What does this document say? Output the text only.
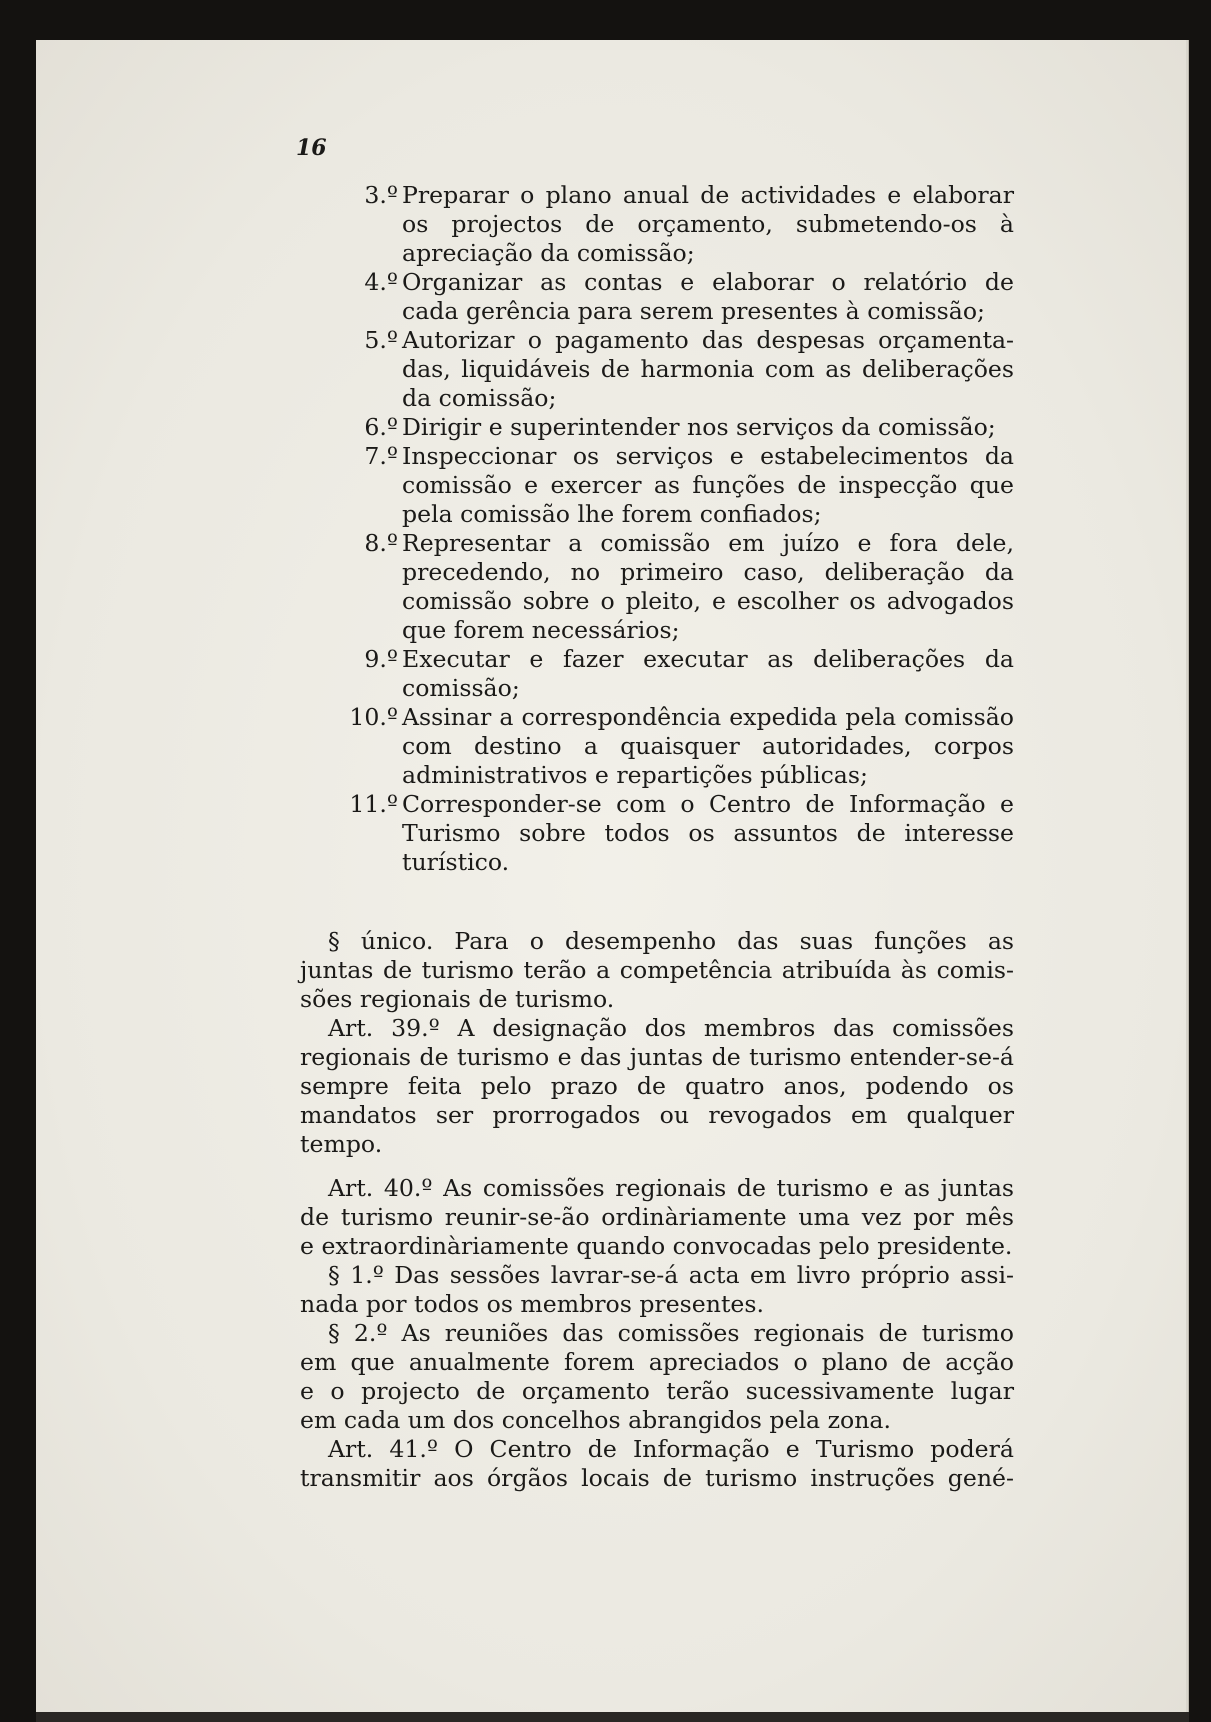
16
3.º Preparar o plano anual de actividades e elaborar
os projectos de orçamento, submetendo-os à
apreciação da comissão;
4.º Organizar as contas e elaborar o relatório de
cada gerência para serem presentes à comissão;
5.º Autorizar o pagamento das despesas orçamenta-
das, liquidáveis de harmonia com as deliberações
da comissão;
6.º Dirigir e superintender nos serviços da comissão;
7.º Inspeccionar os serviços e estabelecimentos da
comissão e exercer as funções de inspecção que
pela comissão lhe forem confiados;
8.º Representar a comissão em juízo e fora dele,
precedendo, no primeiro caso, deliberação da
comissão sobre o pleito, e escolher os advogados
que forem necessários;
9.º Executar e fazer executar as deliberações da
comissão;
10.º Assinar a correspondência expedida pela comissão
com destino a quaisquer autoridades, corpos
administrativos e repartições públicas;
11.º Corresponder-se com o Centro de Informação e
Turismo sobre todos os assuntos de interesse
turístico.
§ único. Para o desempenho das suas funções as
juntas de turismo terão a competência atribuída às comis-
sões regionais de turismo.
Art. 39.º A designação dos membros das comissões
regionais de turismo e das juntas de turismo entender-se-á
sempre feita pelo prazo de quatro anos, podendo os
mandatos ser prorrogados ou revogados em qualquer
tempo.
Art. 40.º As comissões regionais de turismo e as juntas
de turismo reunir-se-ão ordinàriamente uma vez por mês
e extraordinàriamente quando convocadas pelo presidente.
§ 1.º Das sessões lavrar-se-á acta em livro próprio assi-
nada por todos os membros presentes.
§ 2.º As reuniões das comissões regionais de turismo
em que anualmente forem apreciados o plano de acção
e o projecto de orçamento terão sucessivamente lugar
em cada um dos concelhos abrangidos pela zona.
Art. 41.º O Centro de Informação e Turismo poderá
transmitir aos órgãos locais de turismo instruções gené-
